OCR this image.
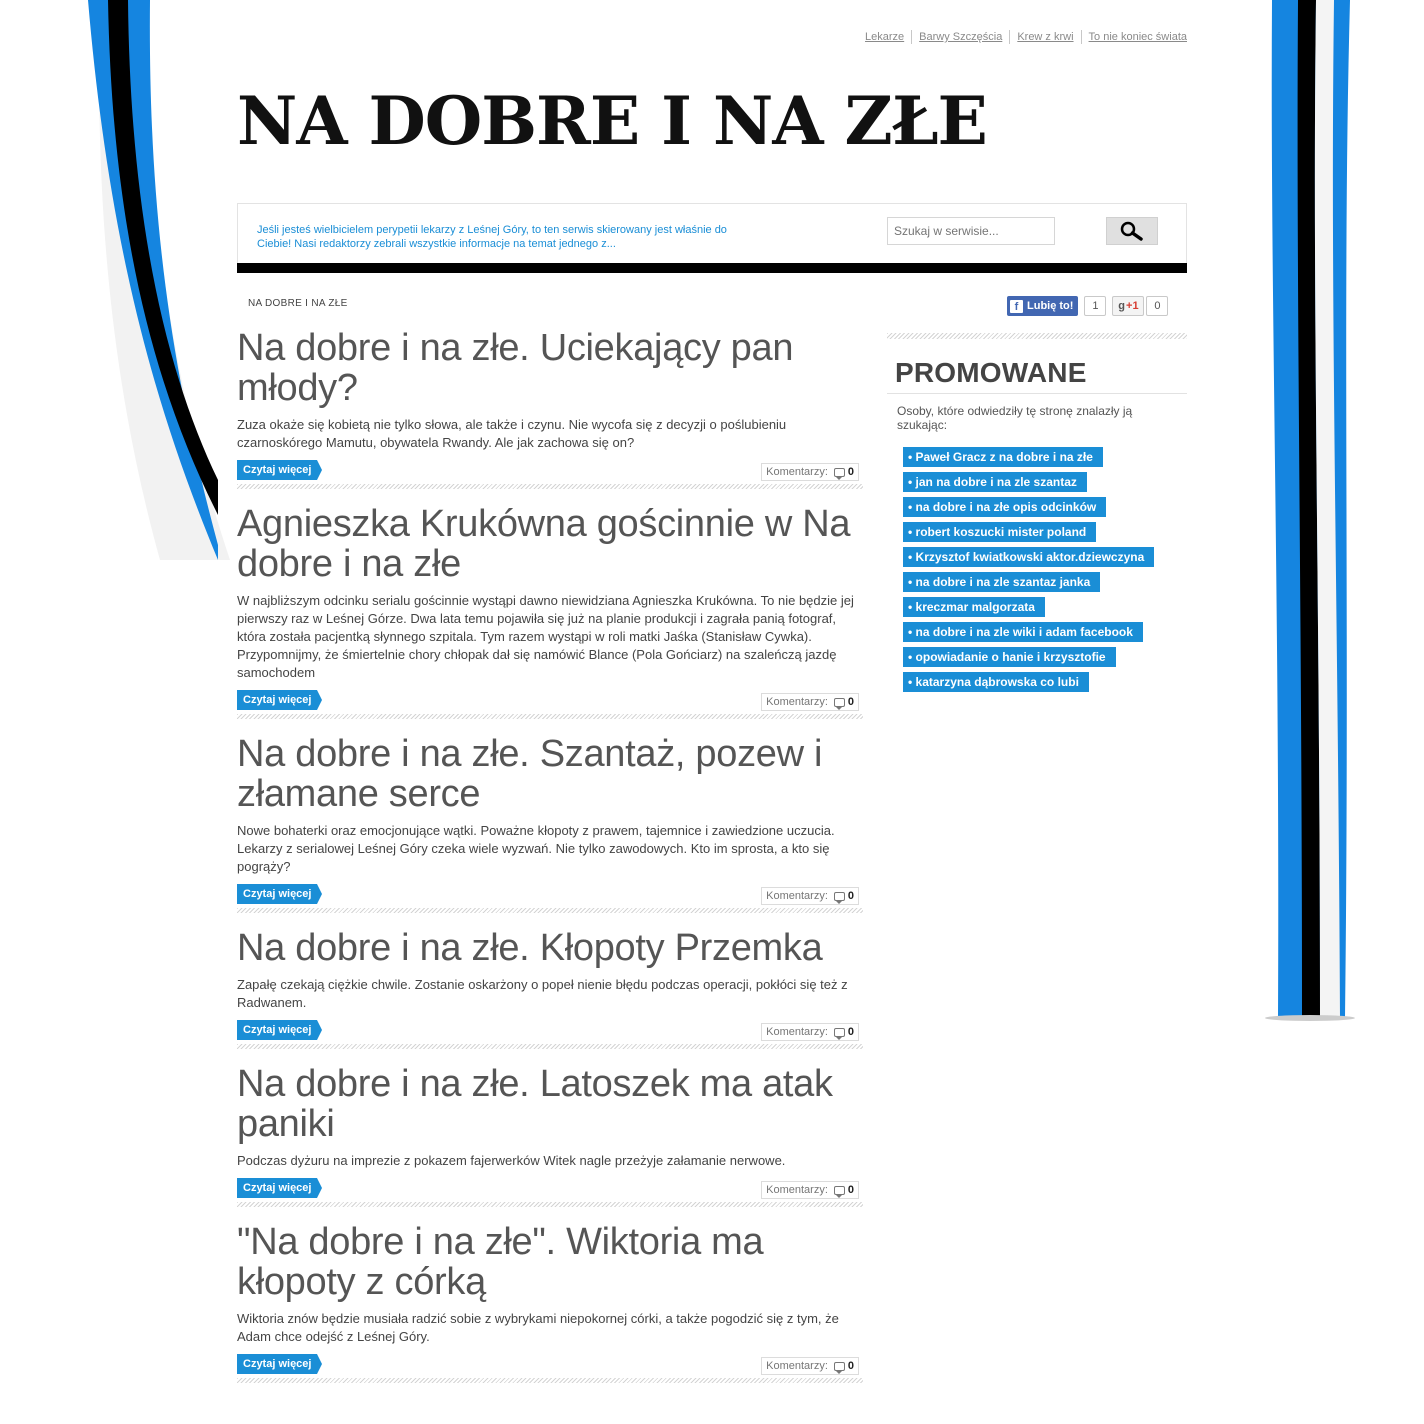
Lekarze	Barwy Szczęścia	Krew z krwi	To nie koniec świata
NA DOBRE I NA ZŁE
Jeśli jesteś wielbicielem perypetii lekarzy z Leśnej Góry, to ten serwis skierowany jest właśnie do Ciebie! Nasi redaktorzy zebrali wszystkie informacje na temat jednego z...
Szukaj w serwisie...
NA DOBRE I NA ZŁE	f Lubię to!	1	g +1	0
Na dobre i na złe. Uciekający pan młody?

Zuza okaże się kobietą nie tylko słowa, ale także i czynu. Nie wycofa się z decyzji o poślubieniu czarnoskórego Mamutu, obywatela Rwandy. Ale jak zachowa się on?

Czytaj więcej	Komentarzy: 0
Agnieszka Krukówna gościnnie w Na dobre i na złe

W najbliższym odcinku serialu gościnnie wystąpi dawno niewidziana Agnieszka Krukówna. To nie będzie jej pierwszy raz w Leśnej Górze. Dwa lata temu pojawiła się już na planie produkcji i zagrała panią fotograf, która została pacjentką słynnego szpitala. Tym razem wystąpi w roli matki Jaśka (Stanisław Cywka). Przypomnijmy, że śmiertelnie chory chłopak dał się namówić Blance (Pola Gońciarz) na szaleńczą jazdę samochodem

Czytaj więcej	Komentarzy: 0
Na dobre i na złe. Szantaż, pozew i złamane serce

Nowe bohaterki oraz emocjonujące wątki. Poważne kłopoty z prawem, tajemnice i zawiedzione uczucia. Lekarzy z serialowej Leśnej Góry czeka wiele wyzwań. Nie tylko zawodowych. Kto im sprosta, a kto się pogrąży?

Czytaj więcej	Komentarzy: 0
Na dobre i na złe. Kłopoty Przemka

Zapałę czekają ciężkie chwile. Zostanie oskarżony o popeł nienie błędu podczas operacji, pokłóci się też z Radwanem.

Czytaj więcej	Komentarzy: 0
Na dobre i na złe. Latoszek ma atak paniki

Podczas dyżuru na imprezie z pokazem fajerwerków Witek nagle przeżyje załamanie nerwowe.

Czytaj więcej	Komentarzy: 0
"Na dobre i na złe". Wiktoria ma kłopoty z córką

Wiktoria znów będzie musiała radzić sobie z wybrykami niepokornej córki, a także pogodzić się z tym, że Adam chce odejść z Leśnej Góry.

Czytaj więcej	Komentarzy: 0
PROMOWANE
Osoby, które odwiedziły tę stronę znalazły ją szukając:
• Paweł Gracz z na dobre i na złe
• jan na dobre i na zle szantaz
• na dobre i na złe opis odcinków
• robert koszucki mister poland
• Krzysztof kwiatkowski aktor.dziewczyna
• na dobre i na zle szantaz janka
• kreczmar malgorzata
• na dobre i na zle wiki i adam facebook
• opowiadanie o hanie i krzysztofie
• katarzyna dąbrowska co lubi
